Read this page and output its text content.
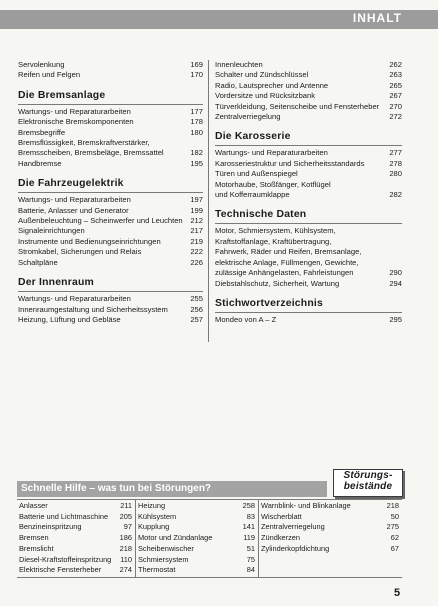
INHALT
Servolenkung	169
Reifen und Felgen	170
Die Bremsanlage
Wartungs- und Reparaturarbeiten	177
Elektronische Bremskomponenten	178
Bremsbegriffe	180
Bremsflüssigkeit, Bremskraftverstärker,
Bremsscheiben, Bremsbeläge, Bremssattel	182
Handbremse	195
Die Fahrzeugelektrik
Wartungs- und Reparaturarbeiten	197
Batterie, Anlasser und Generator	199
Außenbeleuchtung – Scheinwerfer und Leuchten	212
Signaleinrichtungen	217
Instrumente und Bedienungseinrichtungen	219
Stromkabel, Sicherungen und Relais	222
Schaltpläne	226
Der Innenraum
Wartungs- und Reparaturarbeiten	255
Innenraumgestaltung und Sicherheitssystem	256
Heizung, Lüftung und Gebläse	257
Innenleuchten	262
Schalter und Zündschlüssel	263
Radio, Lautsprecher und Antenne	265
Vordersitze und Rücksitzbank	267
Türverkleidung, Seitenscheibe und Fensterheber	270
Zentralverriegelung	272
Die Karosserie
Wartungs- und Reparaturarbeiten	277
Karosseriestruktur und Sicherheitsstandards	278
Türen und Außenspiegel	280
Motorhaube, Stoßfänger, Kotflügel
und Kofferraumklappe	282
Technische Daten
Motor, Schmiersystem, Kühlsystem,
Kraftstoffanlage, Kraftübertragung,
Fahrwerk, Räder und Reifen, Bremsanlage,
elektrische Anlage, Füllmengen, Gewichte,
zulässige Anhängelasten, Fahrleistungen	290
Diebstahlschutz, Sicherheit, Wartung	294
Stichwortverzeichnis
Mondeo von A – Z	295
Schnelle Hilfe – was tun bei Störungen?
Störungs-
beistände
Anlasser	211
Batterie und Lichtmaschine	205
Benzineinspritzung	97
Bremsen	186
Bremslicht	218
Diesel-Kraftstoffeinspritzung	110
Elektrische Fensterheber	274
Heizung	258
Kühlsystem	83
Kupplung	141
Motor und Zündanlage	119
Scheibenwischer	51
Schmiersystem	75
Thermostat	84
Warnblink- und Blinkanlage	218
Wischerblatt	50
Zentralverriegelung	275
Zündkerzen	62
Zylinderkopfdichtung	67

5
